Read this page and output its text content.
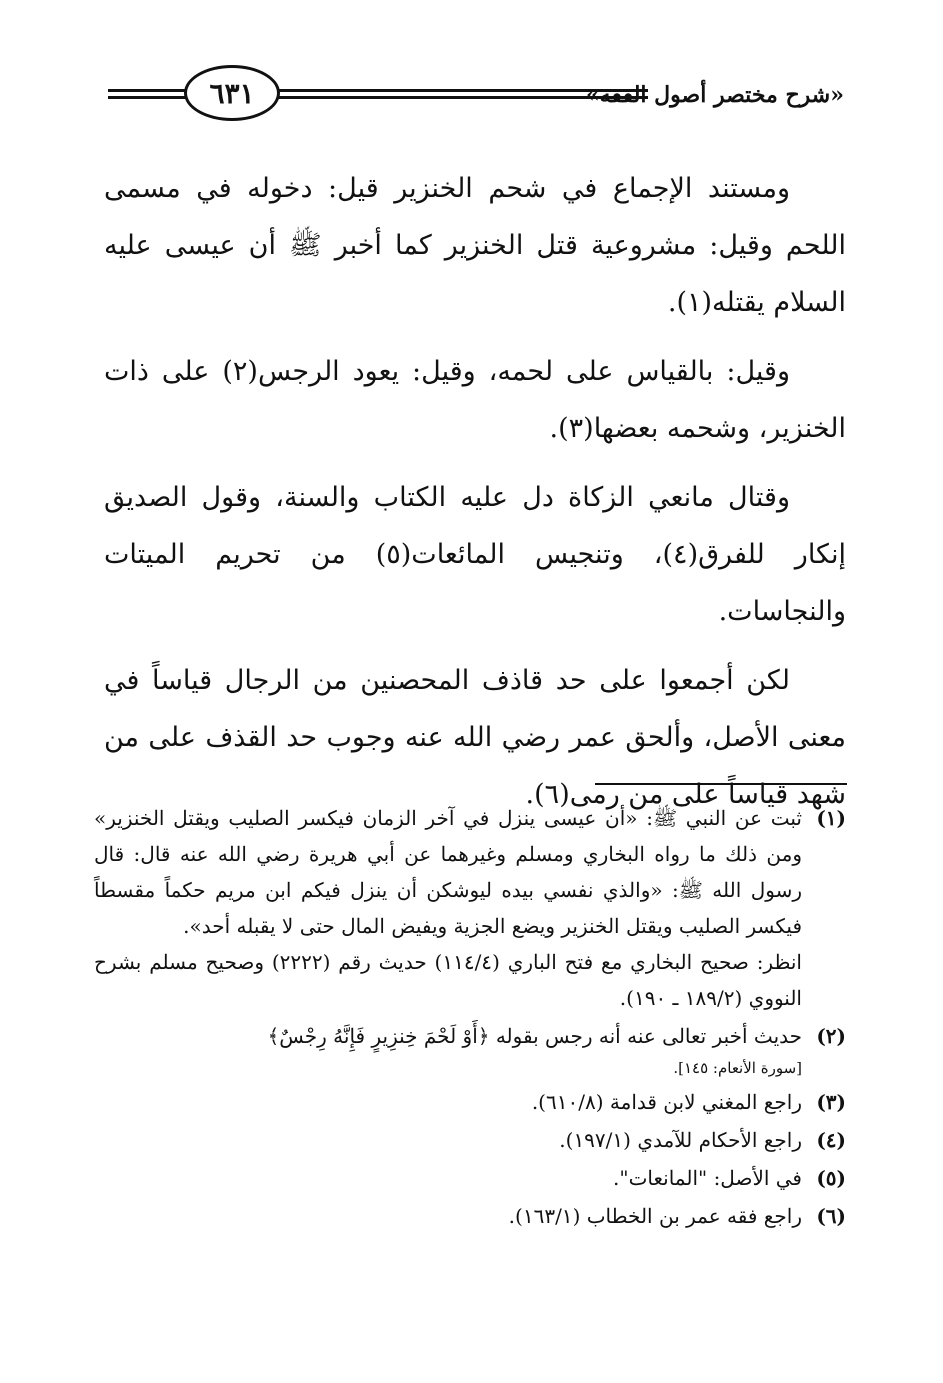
٦٣١	«شرح مختصر أصول الفقه»

ومستند الإجماع في شحم الخنزير قيل: دخوله في مسمى اللحم وقيل: مشروعية قتل الخنزير كما أخبر ﷺ أن عيسى عليه السلام يقتله(١).

وقيل: بالقياس على لحمه، وقيل: يعود الرجس(٢) على ذات الخنزير، وشحمه بعضها(٣).

وقتال مانعي الزكاة دل عليه الكتاب والسنة، وقول الصديق إنكار للفرق(٤)، وتنجيس المائعات(٥) من تحريم الميتات والنجاسات.

لكن أجمعوا على حد قاذف المحصنين من الرجال قياساً في معنى الأصل، وألحق عمر رضي الله عنه وجوب حد القذف على من شهد قياساً على من رمى(٦).

(١)
ثبت عن النبي ﷺ: «أن عيسى ينزل في آخر الزمان فيكسر الصليب ويقتل الخنزير» ومن ذلك ما رواه البخاري ومسلم وغيرهما عن أبي هريرة رضي الله عنه قال: قال رسول الله ﷺ: «والذي نفسي بيده ليوشكن أن ينزل فيكم ابن مريم حكماً مقسطاً فيكسر الصليب ويقتل الخنزير ويضع الجزية ويفيض المال حتى لا يقبله أحد».
انظر: صحيح البخاري مع فتح الباري (١١٤/٤) حديث رقم (٢٢٢٢) وصحيح مسلم بشرح النووي (١٨٩/٢ ـ ١٩٠).
(٢)
حديث أخبر تعالى عنه أنه رجس بقوله ﴿أَوْ لَحْمَ خِنزِيرٍ فَإِنَّهُ رِجْسٌ﴾
[سورة الأنعام: ١٤٥].
(٣)
راجع المغني لابن قدامة (٦١٠/٨).
(٤)
راجع الأحكام للآمدي (١٩٧/١).
(٥)
في الأصل: "المانعات".
(٦)
راجع فقه عمر بن الخطاب (١٦٣/١).
